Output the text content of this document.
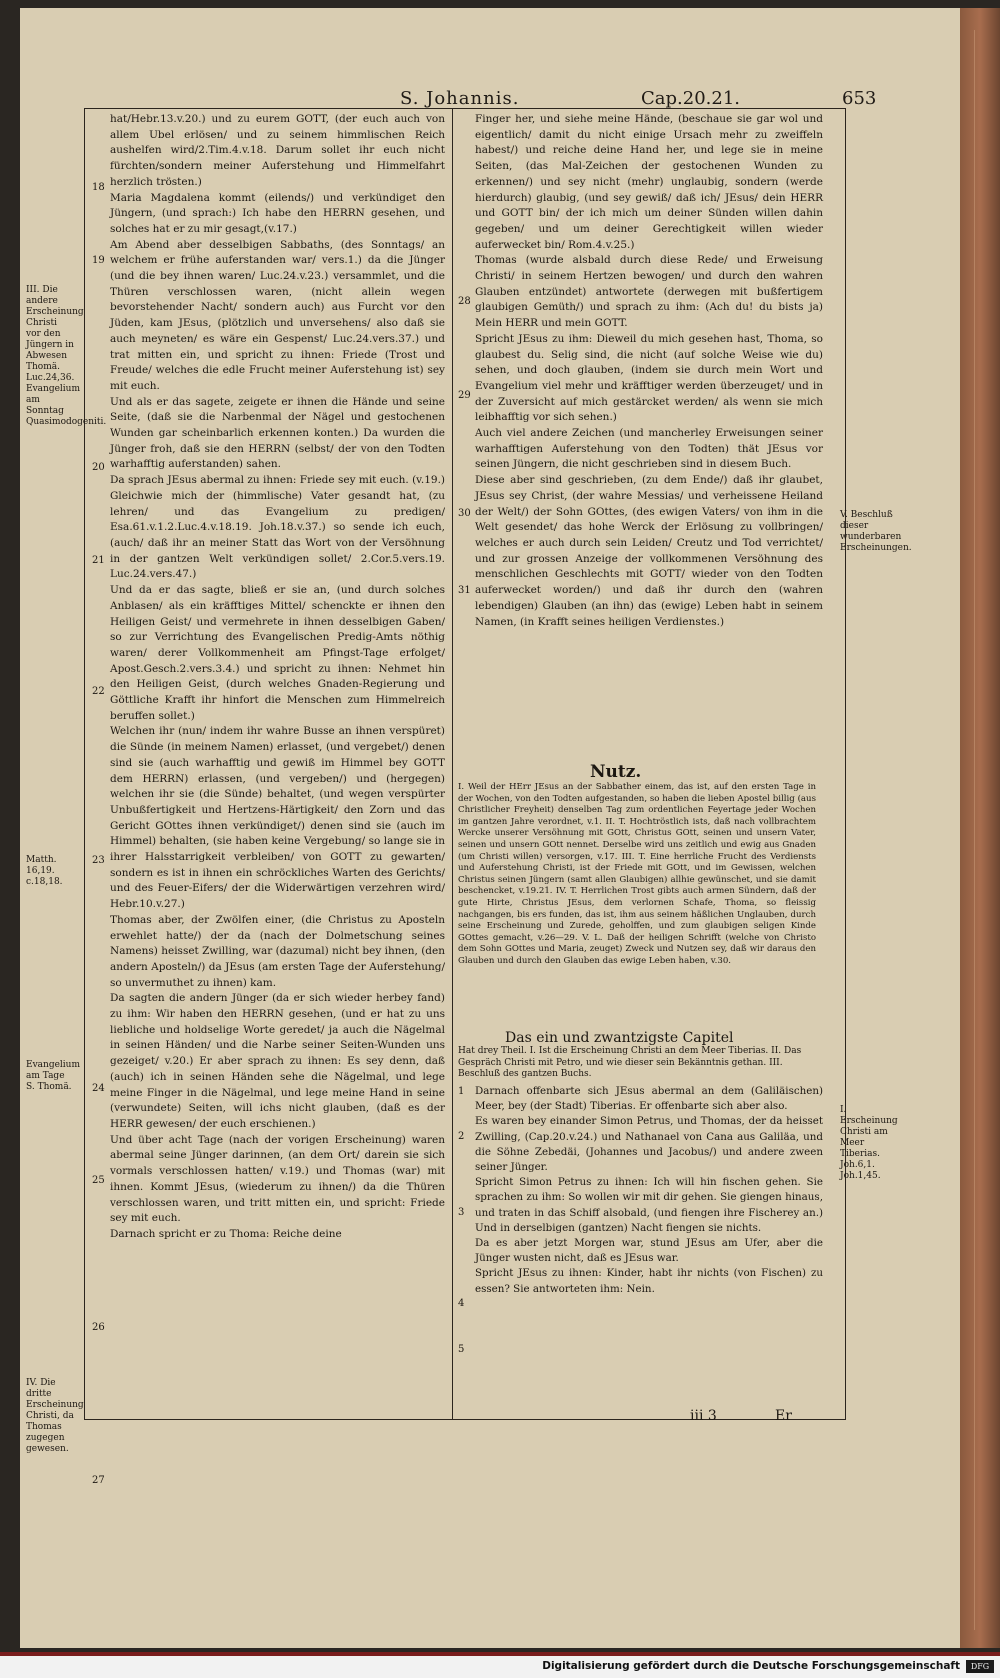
S. Johannis.	Cap.20.21.	653

hat/Hebr.13.v.20.) und zu eurem GOTT, (der euch auch von allem Ubel erlösen/ und zu seinem himmlischen Reich aushelfen wird/2.Tim.4.v.18. Darum sollet ihr euch nicht fürchten/sondern meiner Auferstehung und Himmelfahrt herzlich trösten.)

Maria Magdalena kommt (eilends/) und verkündiget den Jüngern, (und sprach:) Ich habe den HERRN gesehen, und solches hat er zu mir gesagt,(v.17.)

Am Abend aber desselbigen Sabbaths, (des Sonntags/ an welchem er frühe auferstanden war/ vers.1.) da die Jünger (und die bey ihnen waren/ Luc.24.v.23.) versammlet, und die Thüren verschlossen waren, (nicht allein wegen bevorstehender Nacht/ sondern auch) aus Furcht vor den Jüden, kam JEsus, (plötzlich und unversehens/ also daß sie auch meyneten/ es wäre ein Gespenst/ Luc.24.vers.37.) und trat mitten ein, und spricht zu ihnen: Friede (Trost und Freude/ welches die edle Frucht meiner Auferstehung ist) sey mit euch.

Und als er das sagete, zeigete er ihnen die Hände und seine Seite, (daß sie die Narbenmal der Nägel und gestochenen Wunden gar scheinbarlich erkennen konten.) Da wurden die Jünger froh, daß sie den HERRN (selbst/ der von den Todten warhafftig auferstanden) sahen.

Da sprach JEsus abermal zu ihnen: Friede sey mit euch. (v.19.) Gleichwie mich der (himmlische) Vater gesandt hat, (zu lehren/ und das Evangelium zu predigen/ Esa.61.v.1.2.Luc.4.v.18.19. Joh.18.v.37.) so sende ich euch, (auch/ daß ihr an meiner Statt das Wort von der Versöhnung in der gantzen Welt verkündigen sollet/ 2.Cor.5.vers.19. Luc.24.vers.47.)

Und da er das sagte, bließ er sie an, (und durch solches Anblasen/ als ein kräfftiges Mittel/ schenckte er ihnen den Heiligen Geist/ und vermehrete in ihnen desselbigen Gaben/ so zur Verrichtung des Evangelischen Predig-Amts nöthig waren/ derer Vollkommenheit am Pfingst-Tage erfolget/ Apost.Gesch.2.vers.3.4.) und spricht zu ihnen: Nehmet hin den Heiligen Geist, (durch welches Gnaden-Regierung und Göttliche Krafft ihr hinfort die Menschen zum Himmelreich beruffen sollet.)

Welchen ihr (nun/ indem ihr wahre Busse an ihnen verspüret) die Sünde (in meinem Namen) erlasset, (und vergebet/) denen sind sie (auch warhafftig und gewiß im Himmel bey GOTT dem HERRN) erlassen, (und vergeben/) und (hergegen) welchen ihr sie (die Sünde) behaltet, (und wegen verspürter Unbußfertigkeit und Hertzens-Härtigkeit/ den Zorn und das Gericht GOttes ihnen verkündiget/) denen sind sie (auch im Himmel) behalten, (sie haben keine Vergebung/ so lange sie in ihrer Halsstarrigkeit verbleiben/ von GOTT zu gewarten/ sondern es ist in ihnen ein schröckliches Warten des Gerichts/ und des Feuer-Eifers/ der die Widerwärtigen verzehren wird/ Hebr.10.v.27.)

Thomas aber, der Zwölfen einer, (die Christus zu Aposteln erwehlet hatte/) der da (nach der Dolmetschung seines Namens) heisset Zwilling, war (dazumal) nicht bey ihnen, (den andern Aposteln/) da JEsus (am ersten Tage der Auferstehung/ so unvermuthet zu ihnen) kam.

Da sagten die andern Jünger (da er sich wieder herbey fand) zu ihm: Wir haben den HERRN gesehen, (und er hat zu uns liebliche und holdselige Worte geredet/ ja auch die Nägelmal in seinen Händen/ und die Narbe seiner Seiten-Wunden uns gezeiget/ v.20.) Er aber sprach zu ihnen: Es sey denn, daß (auch) ich in seinen Händen sehe die Nägelmal, und lege meine Finger in die Nägelmal, und lege meine Hand in seine (verwundete) Seiten, will ichs nicht glauben, (daß es der HERR gewesen/ der euch erschienen.)

Und über acht Tage (nach der vorigen Erscheinung) waren abermal seine Jünger darinnen, (an dem Ort/ darein sie sich vormals verschlossen hatten/ v.19.) und Thomas (war) mit ihnen. Kommt JEsus, (wiederum zu ihnen/) da die Thüren verschlossen waren, und tritt mitten ein, und spricht: Friede sey mit euch.

Darnach spricht er zu Thoma: Reiche deine

18
19
20
21
22
23
24
25
26
27
III. Die andere Erscheinung Christi vor den Jüngern in Abwesen Thomä. Luc.24,36. Evangelium am Sonntag Quasimodogeniti.
Matth. 16,19. c.18,18.
Evangelium am Tage S. Thomä.
IV. Die dritte Erscheinung Christi, da Thomas zugegen gewesen.

Finger her, und siehe meine Hände, (beschaue sie gar wol und eigentlich/ damit du nicht einige Ursach mehr zu zweiffeln habest/) und reiche deine Hand her, und lege sie in meine Seiten, (das Mal-Zeichen der gestochenen Wunden zu erkennen/) und sey nicht (mehr) unglaubig, sondern (werde hierdurch) glaubig, (und sey gewiß/ daß ich/ JEsus/ dein HERR und GOTT bin/ der ich mich um deiner Sünden willen dahin gegeben/ und um deiner Gerechtigkeit willen wieder auferwecket bin/ Rom.4.v.25.)

Thomas (wurde alsbald durch diese Rede/ und Erweisung Christi/ in seinem Hertzen bewogen/ und durch den wahren Glauben entzündet) antwortete (derwegen mit bußfertigem glaubigen Gemüth/) und sprach zu ihm: (Ach du! du bists ja) Mein HERR und mein GOTT.

Spricht JEsus zu ihm: Dieweil du mich gesehen hast, Thoma, so glaubest du. Selig sind, die nicht (auf solche Weise wie du) sehen, und doch glauben, (indem sie durch mein Wort und Evangelium viel mehr und kräfftiger werden überzeuget/ und in der Zuversicht auf mich gestärcket werden/ als wenn sie mich leibhafftig vor sich sehen.)

Auch viel andere Zeichen (und mancherley Erweisungen seiner warhafftigen Auferstehung von den Todten) thät JEsus vor seinen Jüngern, die nicht geschrieben sind in diesem Buch.

Diese aber sind geschrieben, (zu dem Ende/) daß ihr glaubet, JEsus sey Christ, (der wahre Messias/ und verheissene Heiland der Welt/) der Sohn GOttes, (des ewigen Vaters/ von ihm in die Welt gesendet/ das hohe Werck der Erlösung zu vollbringen/ welches er auch durch sein Leiden/ Creutz und Tod verrichtet/ und zur grossen Anzeige der vollkommenen Versöhnung des menschlichen Geschlechts mit GOTT/ wieder von den Todten auferwecket worden/) und daß ihr durch den (wahren lebendigen) Glauben (an ihn) das (ewige) Leben habt in seinem Namen, (in Krafft seines heiligen Verdienstes.)

28
29
30
31
V. Beschluß dieser wunderbaren Erscheinungen.
I. Erscheinung Christi am Meer Tiberias. Joh.6,1. Joh.1,45.
Nutz.
I. Weil der HErr JEsus an der Sabbather einem, das ist, auf den ersten Tage in der Wochen, von den Todten aufgestanden, so haben die lieben Apostel billig (aus Christlicher Freyheit) denselben Tag zum ordentlichen Feyertage jeder Wochen im gantzen Jahre verordnet, v.1. II. T. Hochtröstlich ists, daß nach vollbrachtem Wercke unserer Versöhnung mit GOtt, Christus GOtt, seinen und unsern Vater, seinen und unsern GOtt nennet. Derselbe wird uns zeitlich und ewig aus Gnaden (um Christi willen) versorgen, v.17. III. T. Eine herrliche Frucht des Verdiensts und Auferstehung Christi, ist der Friede mit GOtt, und im Gewissen, welchen Christus seinen Jüngern (samt allen Glaubigen) allhie gewünschet, und sie damit beschencket, v.19.21. IV. T. Herrlichen Trost gibts auch armen Sündern, daß der gute Hirte, Christus JEsus, dem verlornen Schafe, Thoma, so fleissig nachgangen, bis ers funden, das ist, ihm aus seinem häßlichen Unglauben, durch seine Erscheinung und Zurede, geholffen, und zum glaubigen seligen Kinde GOttes gemacht, v.26—29. V. L. Daß der heiligen Schrifft (welche von Christo dem Sohn GOttes und Maria, zeuget) Zweck und Nutzen sey, daß wir daraus den Glauben und durch den Glauben das ewige Leben haben, v.30.
Das ein und zwantzigste Capitel
Hat drey Theil. I. Ist die Erscheinung Christi an dem Meer Tiberias. II. Das Gespräch Christi mit Petro, und wie dieser sein Bekänntnis gethan. III. Beschluß des gantzen Buchs.

Darnach offenbarte sich JEsus abermal an dem (Galiläischen) Meer, bey (der Stadt) Tiberias. Er offenbarte sich aber also.

Es waren bey einander Simon Petrus, und Thomas, der da heisset Zwilling, (Cap.20.v.24.) und Nathanael von Cana aus Galiläa, und die Söhne Zebedäi, (Johannes und Jacobus/) und andere zween seiner Jünger.

Spricht Simon Petrus zu ihnen: Ich will hin fischen gehen. Sie sprachen zu ihm: So wollen wir mit dir gehen. Sie giengen hinaus, und traten in das Schiff alsobald, (und fiengen ihre Fischerey an.) Und in derselbigen (gantzen) Nacht fiengen sie nichts.

Da es aber jetzt Morgen war, stund JEsus am Ufer, aber die Jünger wusten nicht, daß es JEsus war.

Spricht JEsus zu ihnen: Kinder, habt ihr nichts (von Fischen) zu essen? Sie antworteten ihm: Nein.

1
2
3
4
5
iii 3	Er
Digitalisierung gefördert durch die Deutsche Forschungsgemeinschaft	DFG
